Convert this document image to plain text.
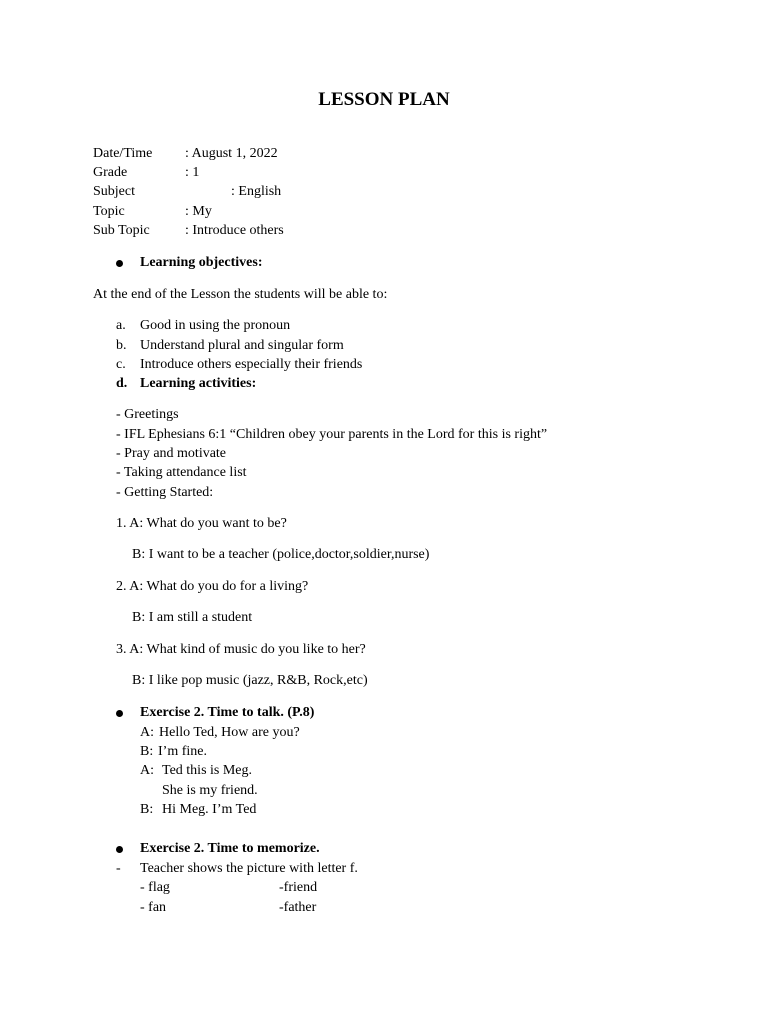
LESSON PLAN
Date/Time : August 1, 2022
Grade	: 1
Subject	: English
Topic	: My
Sub Topic	: Introduce others
Learning objectives:
At the end of the Lesson the students will be able to:
a. Good in using the pronoun
b. Understand plural and singular form
c. Introduce others especially their friends
d. Learning activities:
- Greetings
- IFL Ephesians 6:1 “Children obey your parents in the Lord for this is right”
- Pray and motivate
- Taking attendance list
- Getting Started:
1. A: What do you want to be?
B: I want to be a teacher (police,doctor,soldier,nurse)
2. A: What do you do for a living?
B: I am still a student
3. A: What kind of music do you like to her?
B: I like pop music (jazz, R&B, Rock,etc)
Exercise 2. Time to talk. (P.8)
A: Hello Ted, How are you?
B: I’m fine.
A: Ted this is Meg.
She is my friend.
B: Hi Meg. I’m Ted
Exercise 2. Time to memorize.
- Teacher shows the picture with letter f.
- flag	-friend
- fan	-father
